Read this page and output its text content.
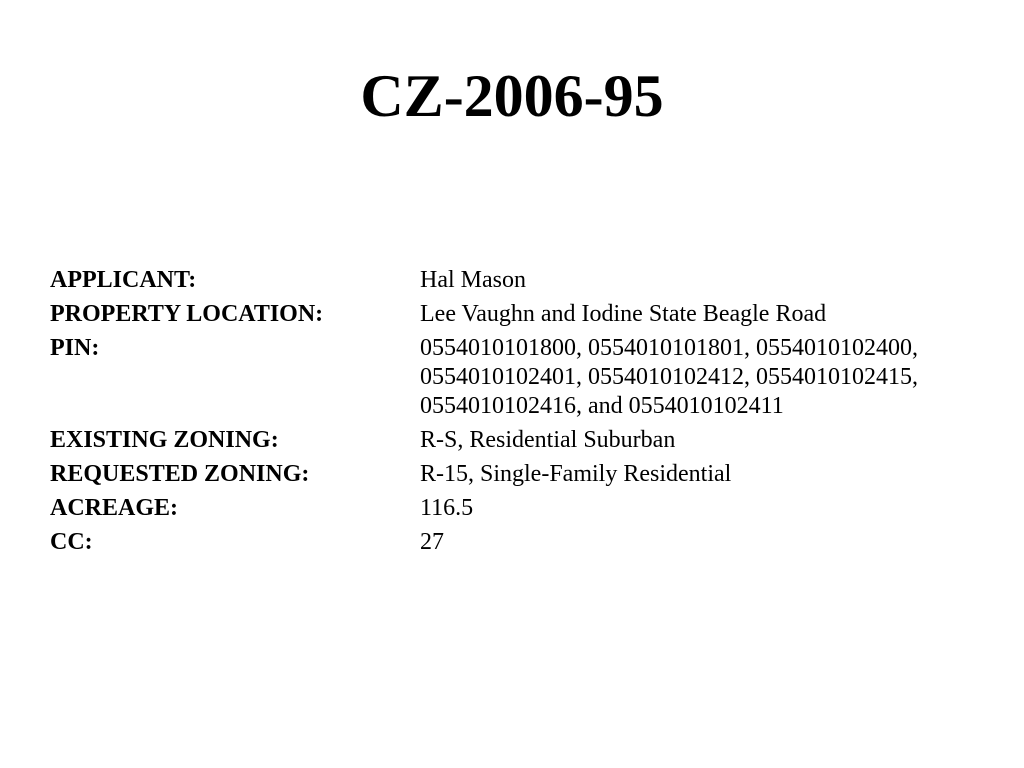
CZ-2006-95
APPLICANT:	Hal Mason
PROPERTY LOCATION:	Lee Vaughn and Iodine State Beagle Road
PIN:	0554010101800, 0554010101801, 0554010102400,
0554010102401, 0554010102412, 0554010102415,
0554010102416, and 0554010102411
EXISTING ZONING:	R-S, Residential Suburban
REQUESTED ZONING:	R-15, Single-Family Residential
ACREAGE:	116.5
CC:	27
